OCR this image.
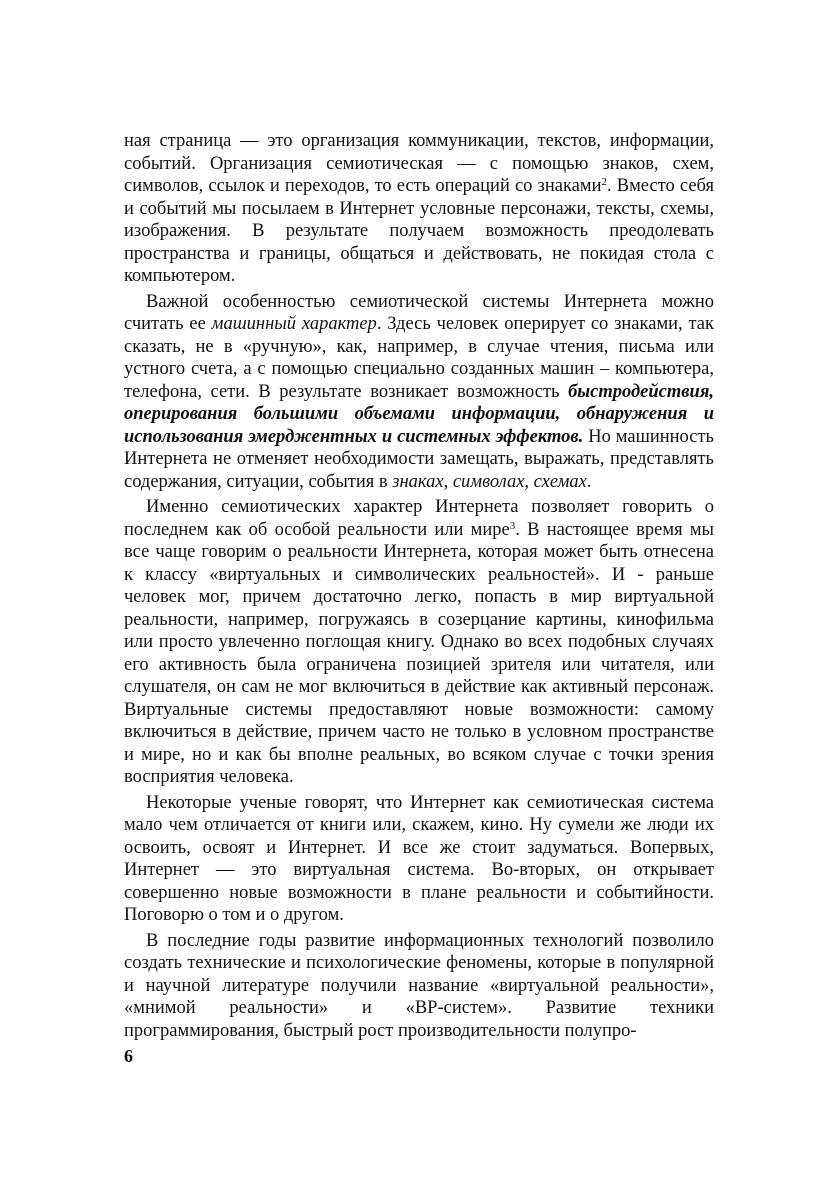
ная страница — это организация коммуникации, текстов, информации, событий. Организация семиотическая — с помощью знаков, схем, символов, ссылок и переходов, то есть операций со знаками$^2$. Вместо себя и событий мы посылаем в Интернет условные персонажи, тексты, схемы, изображения. В результате получаем возможность преодолевать пространства и границы, общаться и действовать, не покидая стола с компьютером.

Важной особенностью семиотической системы Интернета можно считать ее машинный характер. Здесь человек оперирует со знаками, так сказать, не в «ручную», как, например, в случае чтения, письма или устного счета, а с помощью специально созданных машин – компьютера, телефона, сети. В результате возникает возможность быстродействия, оперирования большими объемами информации, обнаружения и использования эмерджентных и системных эффектов. Но машинность Интернета не отменяет необходимости замещать, выражать, представлять содержания, ситуации, события в знаках, символах, схемах.

Именно семиотических характер Интернета позволяет говорить о последнем как об особой реальности или мире$^3$. В настоящее время мы все чаще говорим о реальности Интернета, которая может быть отнесена к классу «виртуальных и символических реальностей». И - раньше человек мог, причем достаточно легко, попасть в мир виртуальной реальности, например, погружаясь в созерцание картины, кинофильма или просто увлеченно поглощая книгу. Однако во всех подобных случаях его активность была ограничена позицией зрителя или читателя, или слушателя, он сам не мог включиться в действие как активный персонаж. Виртуальные системы предоставляют новые возможности: самому включиться в действие, причем часто не только в условном пространстве и мире, но и как бы вполне реальных, во всяком случае с точки зрения восприятия человека.

Некоторые ученые говорят, что Интернет как семиотическая система мало чем отличается от книги или, скажем, кино. Ну сумели же люди их освоить, освоят и Интернет. И все же стоит задуматься. Вопервых, Интернет — это виртуальная система. Во-вторых, он открывает совершенно новые возможности в плане реальности и событийности. Поговорю о том и о другом.

В последние годы развитие информационных технологий позволило создать технические и психологические феномены, которые в популярной и научной литературе получили название «виртуальной реальности», «мнимой реальности» и «ВР-систем». Развитие техники программирования, быстрый рост производительности полупро-

6
